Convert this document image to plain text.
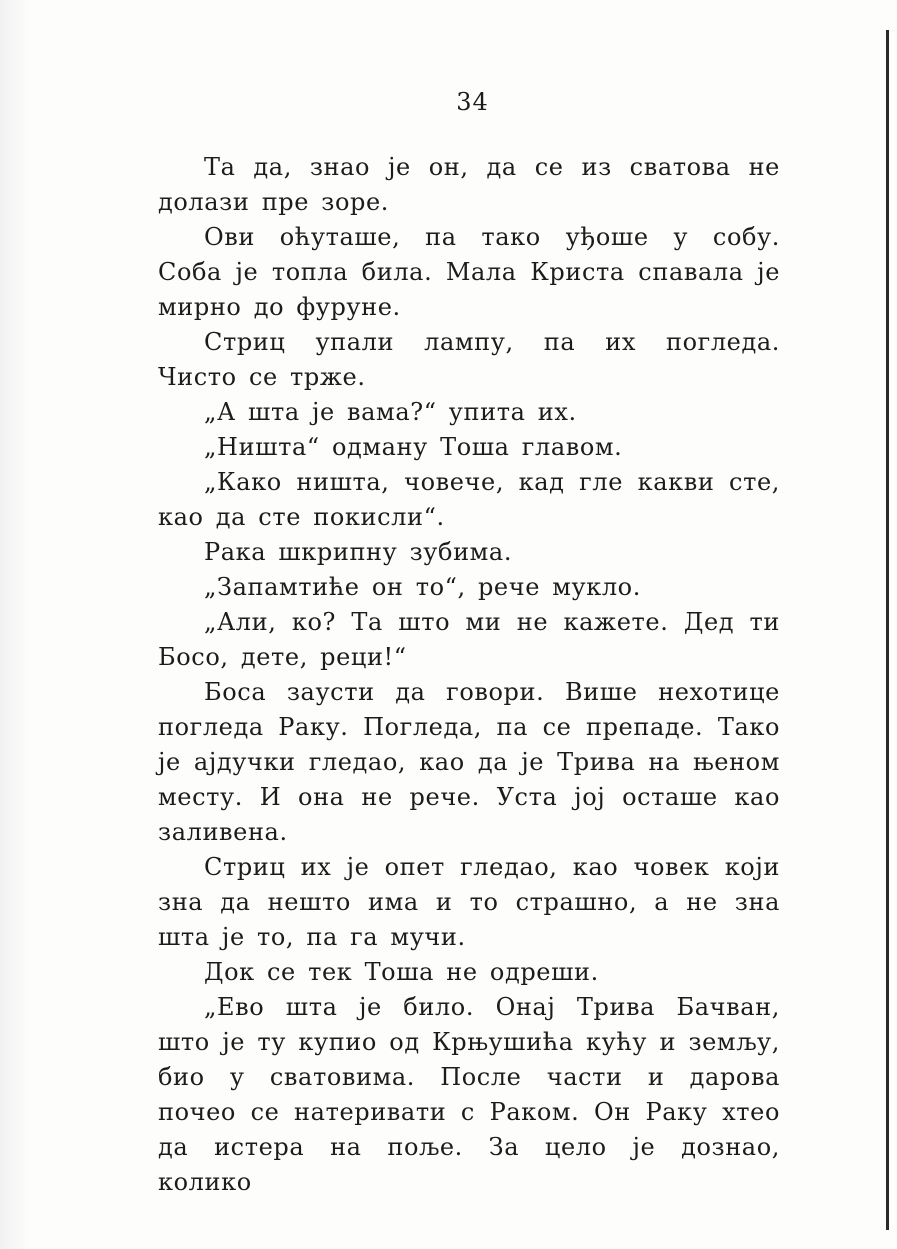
34

Та да, знао је он, да се из сватова не долази пре зоре.

Ови оћуташе, па тако уђоше у собу. Соба је топла била. Мала Криста спавала је мирно до фуруне.

Стриц упали лампу, па их погледа. Чисто се трже.

„А шта је вама?“ упита их.

„Ништа“ одману Тоша главом.

„Како ништа, човече, кад гле какви сте, као да сте покисли“.

Рака шкрипну зубима.

„Запамтиће он то“, рече мукло.

„Али, ко? Та што ми не кажете. Дед ти Босо, дете, реци!“

Боса заусти да говори. Више нехотице погледа Раку. Погледа, па се препаде. Тако је ајдучки гледао, као да је Трива на њеном месту. И она не рече. Уста јој осташе као заливена.

Стриц их је опет гледао, као човек који зна да нешто има и то страшно, а не зна шта је то, па га мучи.

Док се тек Тоша не одреши.

„Ево шта је било. Онај Трива Бачван, што је ту купио од Крњушића кућу и земљу, био у сватовима. После части и дарова почео се натеривати с Раком. Он Раку хтео да истера на поље. За цело је дознао, колико
